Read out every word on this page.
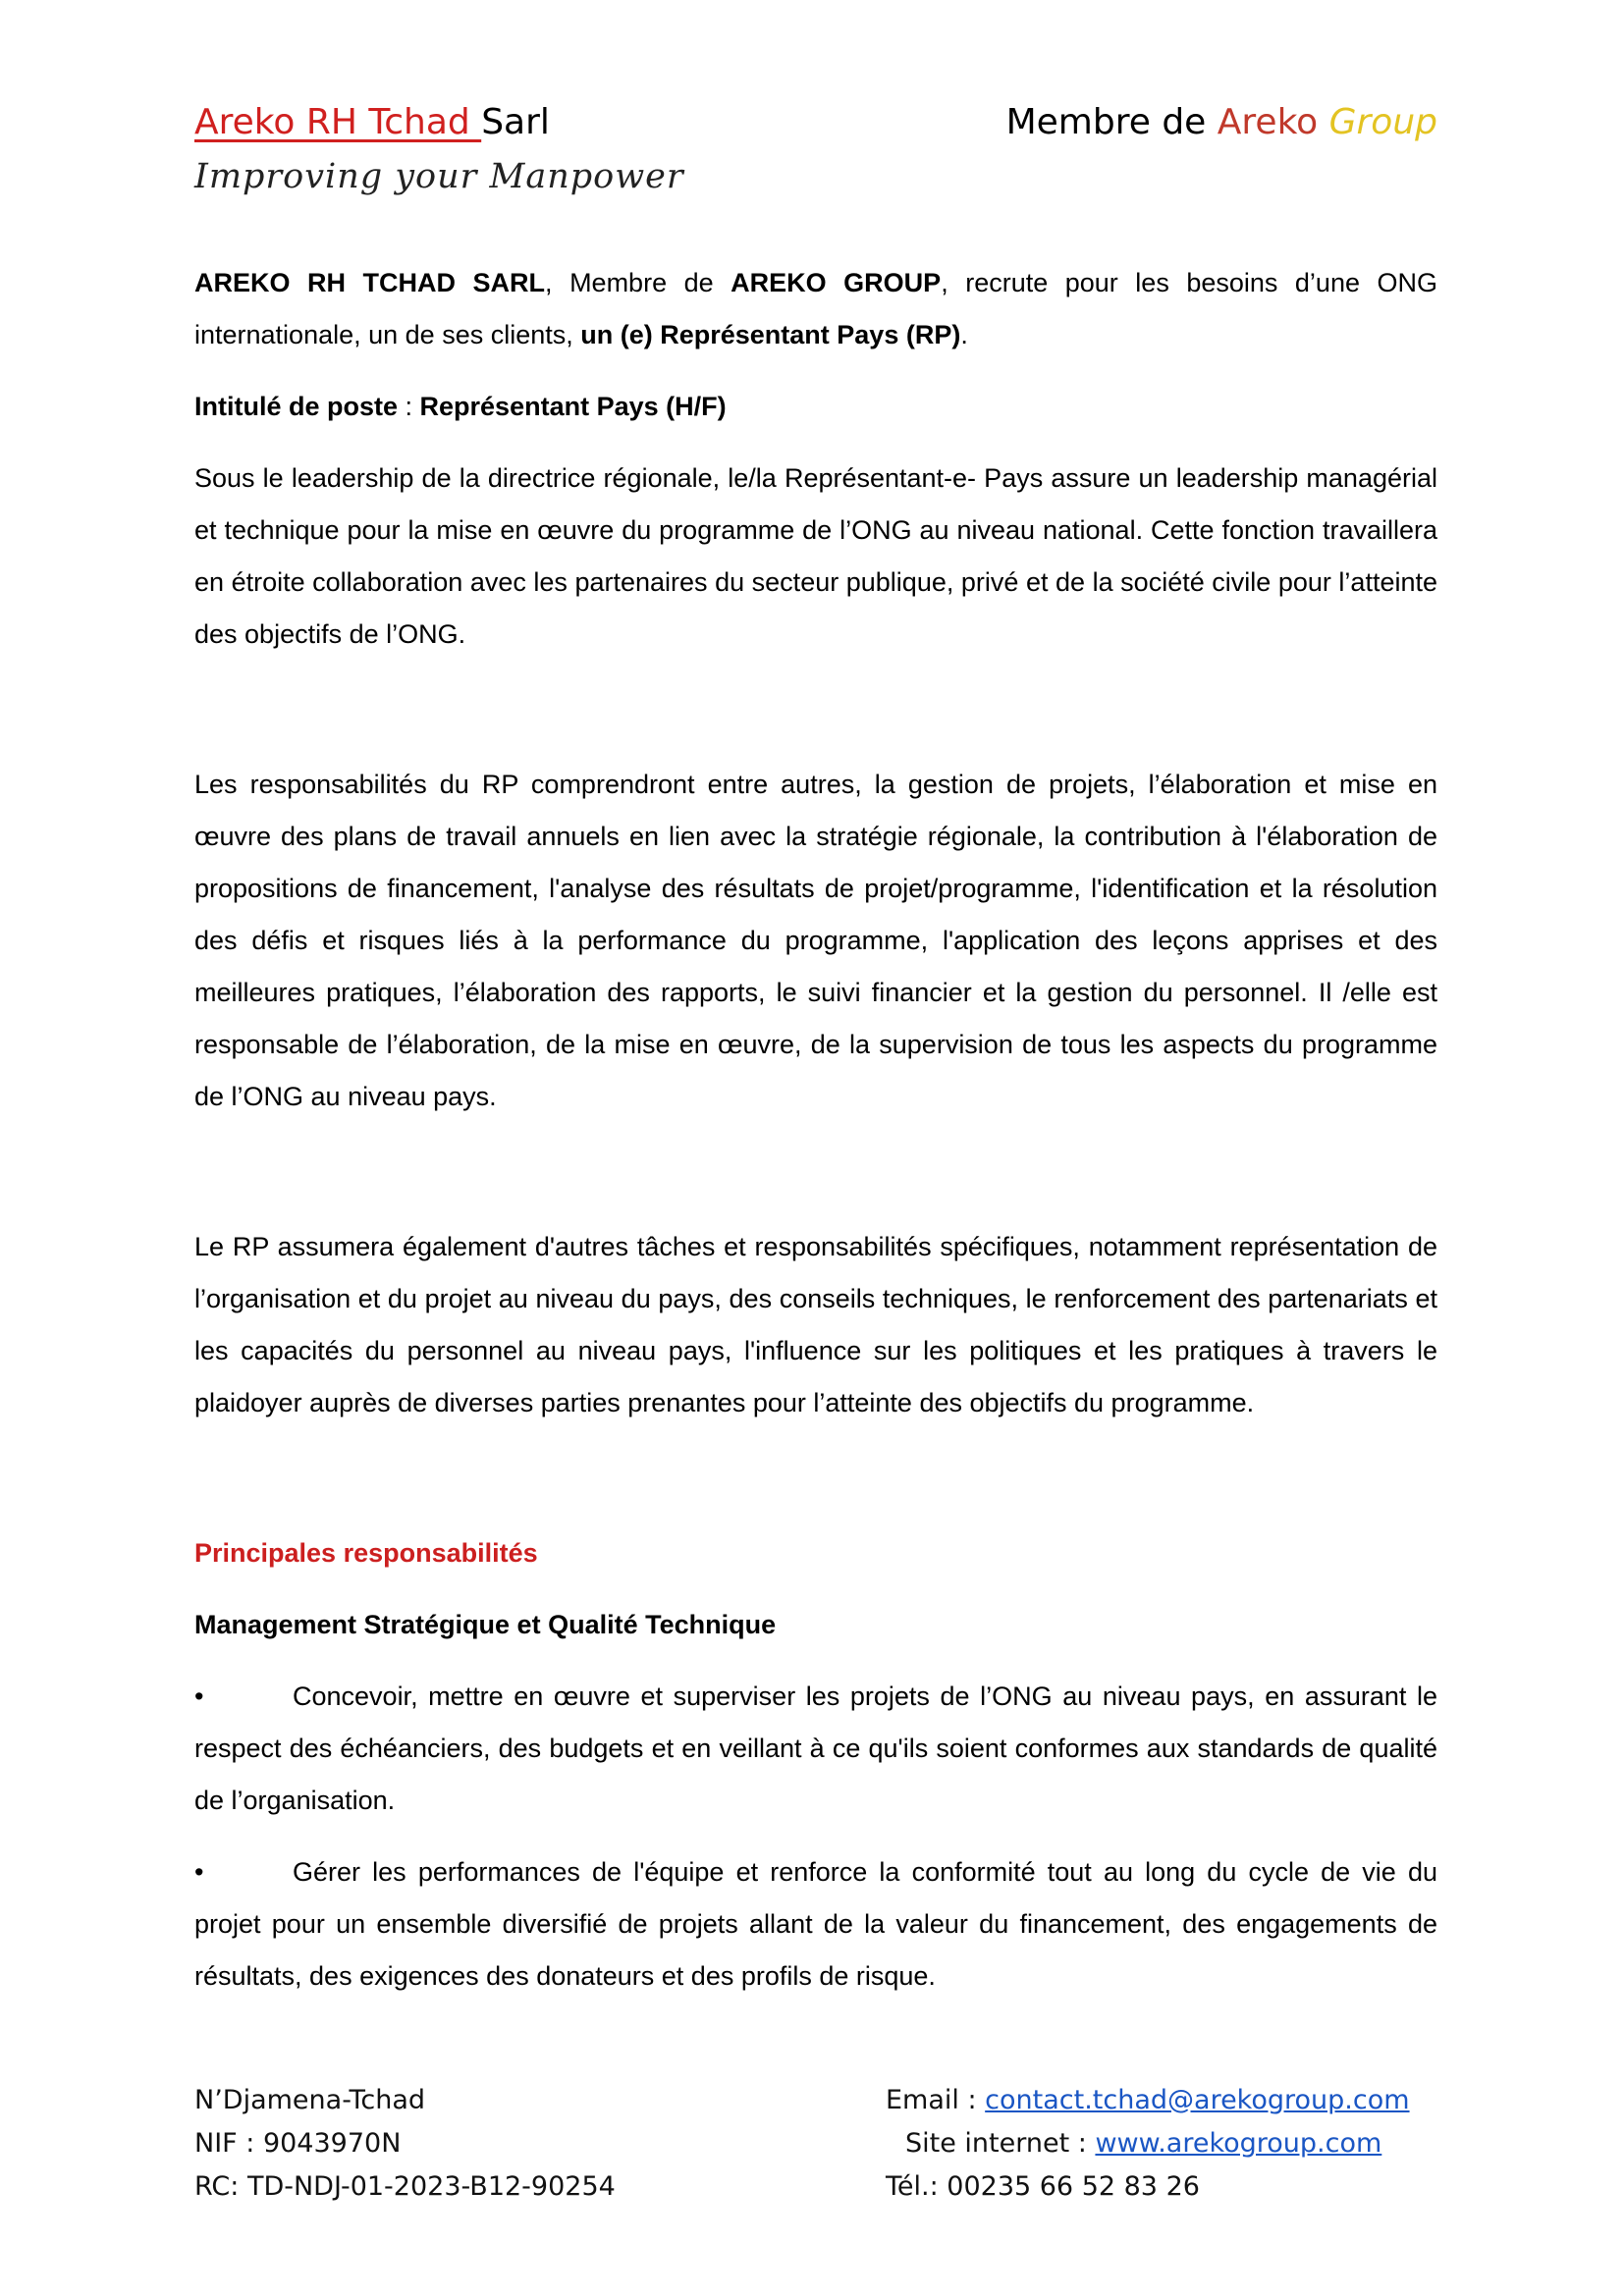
Areko RH Tchad Sarl	Membre de Areko Group
Improving your Manpower

AREKO RH TCHAD SARL, Membre de AREKO GROUP, recrute pour les besoins d’une ONG internationale, un de ses clients, un (e) Représentant Pays (RP).

Intitulé de poste : Représentant Pays (H/F)

Sous le leadership de la directrice régionale, le/la Représentant-e- Pays assure un leadership managérial et technique pour la mise en œuvre du programme de l’ONG au niveau national. Cette fonction travaillera en étroite collaboration avec les partenaires du secteur publique, privé et de la société civile pour l’atteinte des objectifs de l’ONG.

Les responsabilités du RP comprendront entre autres, la gestion de projets, l’élaboration et mise en œuvre des plans de travail annuels en lien avec la stratégie régionale, la contribution à l'élaboration de propositions de financement, l'analyse des résultats de projet/programme, l'identification et la résolution des défis et risques liés à la performance du programme, l'application des leçons apprises et des meilleures pratiques, l’élaboration des rapports, le suivi financier et la gestion du personnel. Il /elle est responsable de l’élaboration, de la mise en œuvre, de la supervision de tous les aspects du programme de l’ONG au niveau pays.

Le RP assumera également d'autres tâches et responsabilités spécifiques, notamment représentation de l’organisation et du projet au niveau du pays, des conseils techniques, le renforcement des partenariats et les capacités du personnel au niveau pays, l'influence sur les politiques et les pratiques à travers le plaidoyer auprès de diverses parties prenantes pour l’atteinte des objectifs du programme.

Principales responsabilités

Management Stratégique et Qualité Technique

•	Concevoir, mettre en œuvre et superviser les projets de l’ONG au niveau pays, en assurant le respect des échéanciers, des budgets et en veillant à ce qu'ils soient conformes aux standards de qualité de l’organisation.

•	Gérer les performances de l'équipe et renforce la conformité tout au long du cycle de vie du projet pour un ensemble diversifié de projets allant de la valeur du financement, des engagements de résultats, des exigences des donateurs et des profils de risque.

N’Djamena-Tchad
NIF : 9043970N
RC: TD-NDJ-01-2023-B12-90254
Email : contact.tchad@arekogroup.com
Site internet : www.arekogroup.com
Tél.: 00235 66 52 83 26
